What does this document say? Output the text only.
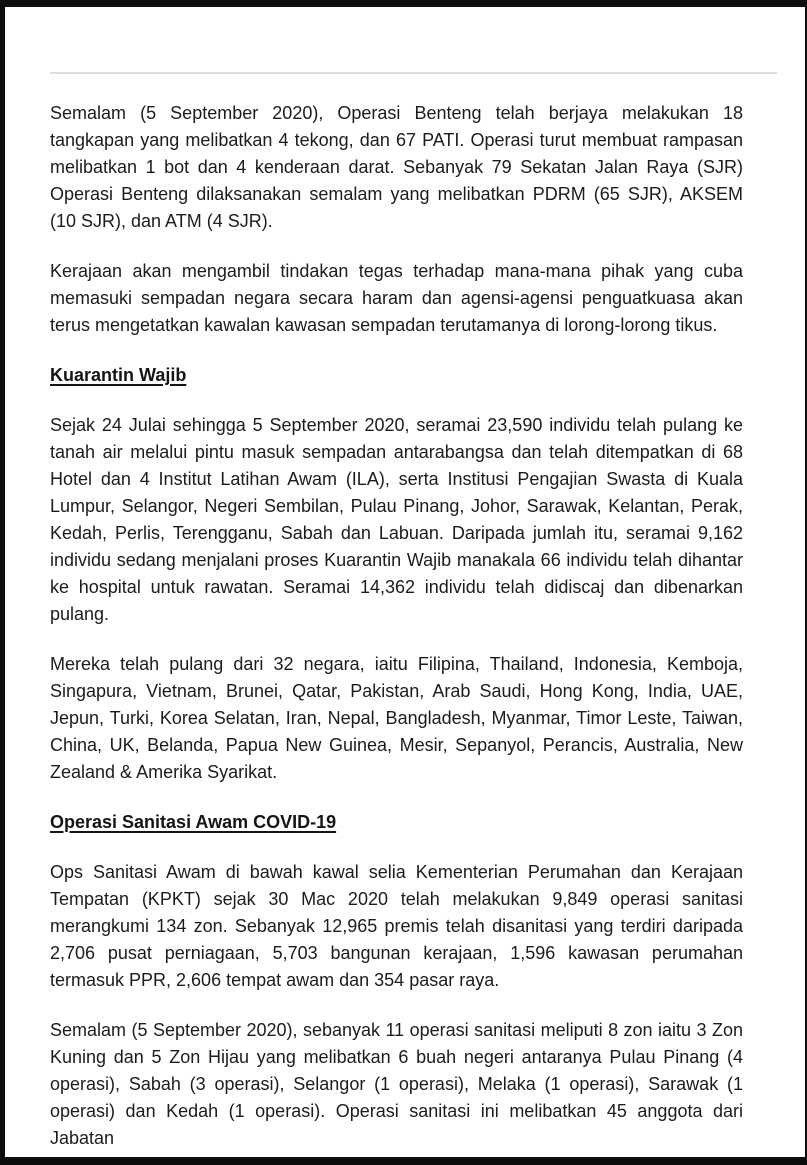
Semalam (5 September 2020), Operasi Benteng telah berjaya melakukan 18 tangkapan yang melibatkan 4 tekong, dan 67 PATI. Operasi turut membuat rampasan melibatkan 1 bot dan 4 kenderaan darat. Sebanyak 79 Sekatan Jalan Raya (SJR) Operasi Benteng dilaksanakan semalam yang melibatkan PDRM (65 SJR), AKSEM (10 SJR), dan ATM (4 SJR).

Kerajaan akan mengambil tindakan tegas terhadap mana-mana pihak yang cuba memasuki sempadan negara secara haram dan agensi-agensi penguatkuasa akan terus mengetatkan kawalan kawasan sempadan terutamanya di lorong-lorong tikus.

Kuarantin Wajib

Sejak 24 Julai sehingga 5 September 2020, seramai 23,590 individu telah pulang ke tanah air melalui pintu masuk sempadan antarabangsa dan telah ditempatkan di 68 Hotel dan 4 Institut Latihan Awam (ILA), serta Institusi Pengajian Swasta di Kuala Lumpur, Selangor, Negeri Sembilan, Pulau Pinang, Johor, Sarawak, Kelantan, Perak, Kedah, Perlis, Terengganu, Sabah dan Labuan. Daripada jumlah itu, seramai 9,162 individu sedang menjalani proses Kuarantin Wajib manakala 66 individu telah dihantar ke hospital untuk rawatan. Seramai 14,362 individu telah didiscaj dan dibenarkan pulang.

Mereka telah pulang dari 32 negara, iaitu Filipina, Thailand, Indonesia, Kemboja, Singapura, Vietnam, Brunei, Qatar, Pakistan, Arab Saudi, Hong Kong, India, UAE, Jepun, Turki, Korea Selatan, Iran, Nepal, Bangladesh, Myanmar, Timor Leste, Taiwan, China, UK, Belanda, Papua New Guinea, Mesir, Sepanyol, Perancis, Australia, New Zealand & Amerika Syarikat.

Operasi Sanitasi Awam COVID-19

Ops Sanitasi Awam di bawah kawal selia Kementerian Perumahan dan Kerajaan Tempatan (KPKT) sejak 30 Mac 2020 telah melakukan 9,849 operasi sanitasi merangkumi 134 zon. Sebanyak 12,965 premis telah disanitasi yang terdiri daripada 2,706 pusat perniagaan, 5,703 bangunan kerajaan, 1,596 kawasan perumahan termasuk PPR, 2,606 tempat awam dan 354 pasar raya.

Semalam (5 September 2020), sebanyak 11 operasi sanitasi meliputi 8 zon iaitu 3 Zon Kuning dan 5 Zon Hijau yang melibatkan 6 buah negeri antaranya Pulau Pinang (4 operasi), Sabah (3 operasi), Selangor (1 operasi), Melaka (1 operasi), Sarawak (1 operasi) dan Kedah (1 operasi). Operasi sanitasi ini melibatkan 45 anggota dari Jabatan
